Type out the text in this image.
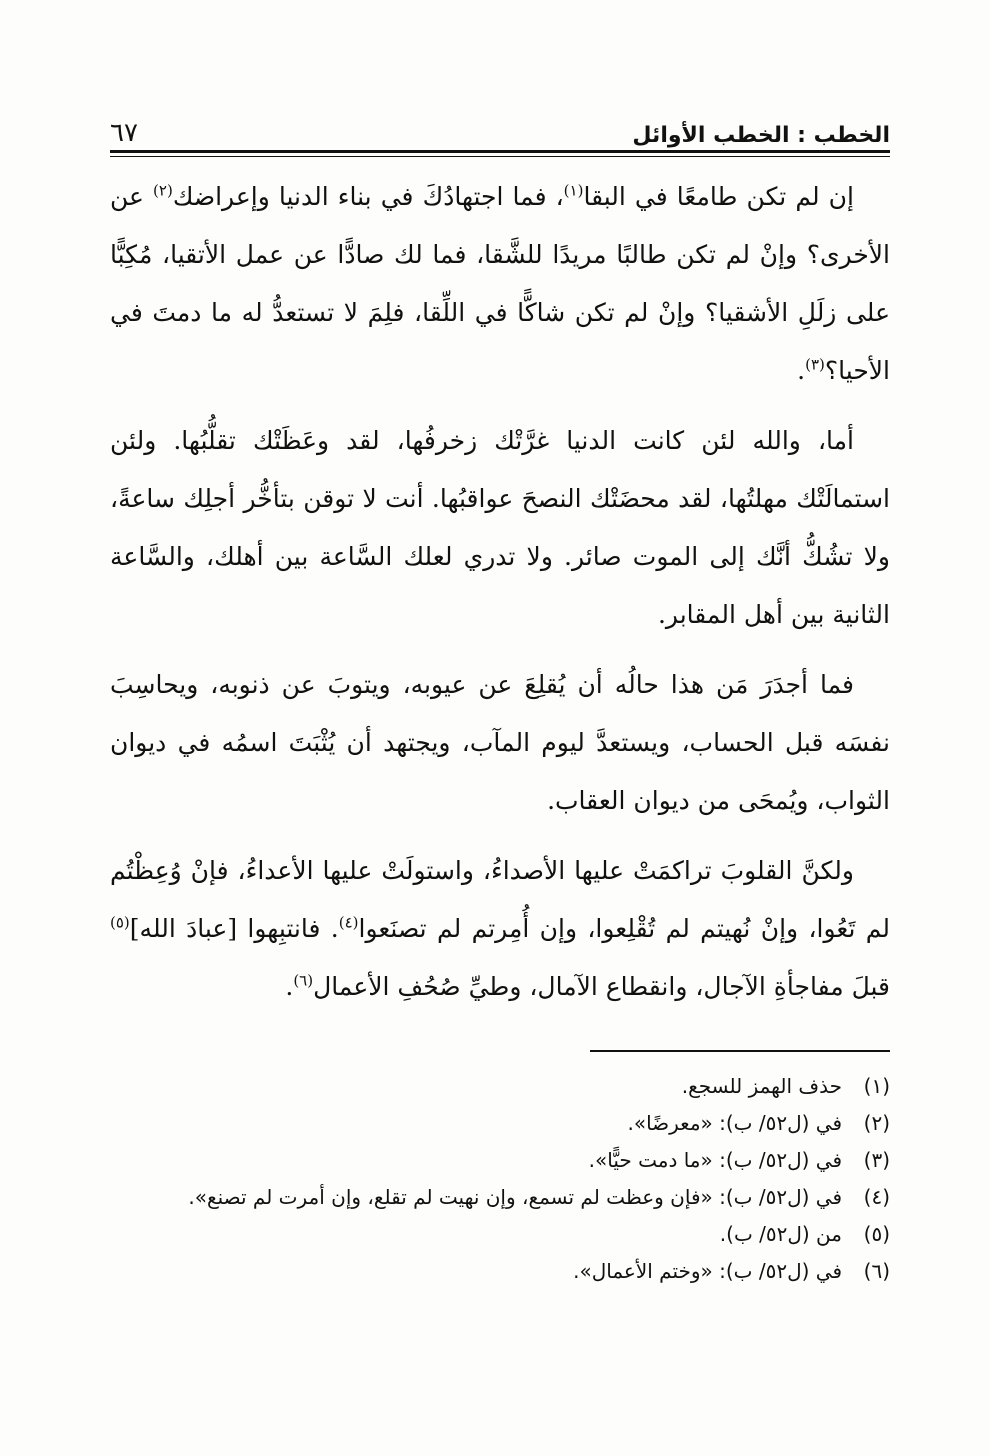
الخطب : الخطب الأوائل
٦٧

إن لم تكن طامعًا في البقا$^{(١)}$، فما اجتهادُكَ في بناء الدنيا وإعراضك$^{(٢)}$ عن الأخرى؟ وإنْ لم تكن طالبًا مريدًا للشَّقا، فما لك صادًّا عن عمل الأتقيا، مُكِبًّا على زلَلِ الأشقيا؟ وإنْ لم تكن شاكًّا في اللِّقا، فلِمَ لا تستعدُّ له ما دمتَ في الأحيا؟$^{(٣)}$.

أما، والله لئن كانت الدنيا غرَّتْك زخرفُها، لقد وعَظَتْك تقلُّبُها. ولئن استمالَتْك مهلتُها، لقد محضَتْك النصحَ عواقبُها. أنت لا توقن بتأخُّر أجلِك ساعةً، ولا تشُكُّ أنَّك إلى الموت صائر. ولا تدري لعلك السَّاعة بين أهلك، والسَّاعة الثانية بين أهل المقابر.

فما أجدَرَ مَن هذا حالُه أن يُقلِعَ عن عيوبه، ويتوبَ عن ذنوبه، ويحاسِبَ نفسَه قبل الحساب، ويستعدَّ ليوم المآب، ويجتهد أن يُثْبَتَ اسمُه في ديوان الثواب، ويُمحَى من ديوان العقاب.

ولكنَّ القلوبَ تراكمَتْ عليها الأصداءُ، واستولَتْ عليها الأعداءُ، فإنْ وُعِظْتُم لم تَعُوا، وإنْ نُهيتم لم تُقْلِعوا، وإن أُمِرتم لم تصنَعوا$^{(٤)}$. فانتبِهوا [عبادَ الله]$^{(٥)}$ قبلَ مفاجأةِ الآجال، وانقطاع الآمال، وطيِّ صُحُفِ الأعمال$^{(٦)}$.

(١)
حذف الهمز للسجع.
(٢)
في (ل٥٢/ ب): «معرضًا».
(٣)
في (ل٥٢/ ب): «ما دمت حيًّا».
(٤)
في (ل٥٢/ ب): «فإن وعظت لم تسمع، وإن نهيت لم تقلع، وإن أمرت لم تصنع».
(٥)
من (ل٥٢/ ب).
(٦)
في (ل٥٢/ ب): «وختم الأعمال».
